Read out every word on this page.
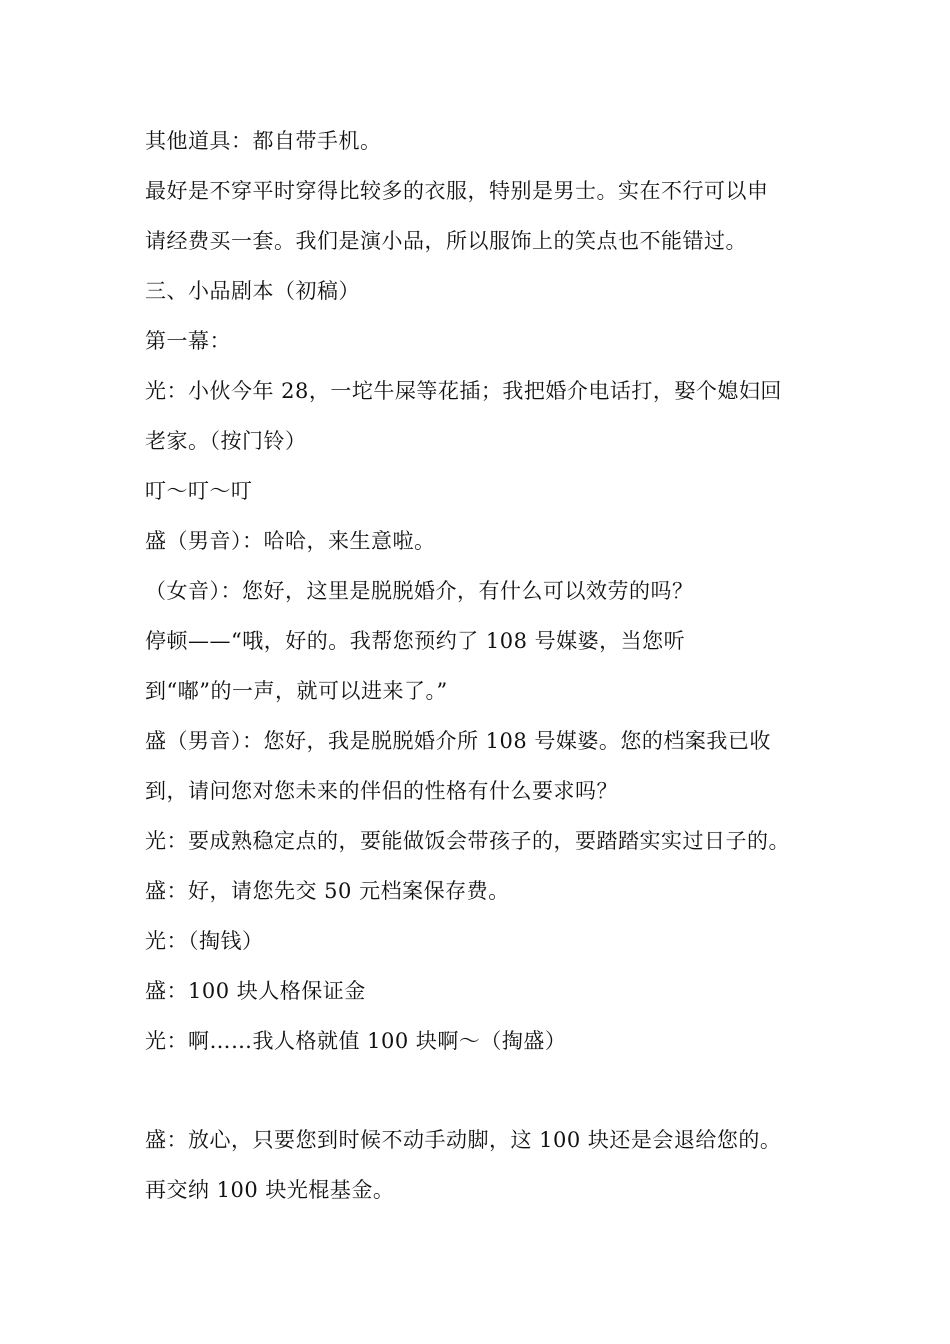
其他道具：都自带手机。

最好是不穿平时穿得比较多的衣服，特别是男士。实在不行可以申

请经费买一套。我们是演小品，所以服饰上的笑点也不能错过。

三、小品剧本（初稿）

第一幕：

光：小伙今年 28，一坨牛屎等花插；我把婚介电话打，娶个媳妇回

老家。（按门铃）

叮～叮～叮

盛（男音）：哈哈，来生意啦。

（女音）：您好，这里是脱脱婚介，有什么可以效劳的吗？

停顿——“哦，好的。我帮您预约了 108 号媒婆，当您听

到“嘟”的一声，就可以进来了。”

盛（男音）：您好，我是脱脱婚介所 108 号媒婆。您的档案我已收

到，请问您对您未来的伴侣的性格有什么要求吗？

光：要成熟稳定点的，要能做饭会带孩子的，要踏踏实实过日子的。

盛：好，请您先交 50 元档案保存费。

光：（掏钱）

盛：100 块人格保证金

光：啊……我人格就值 100 块啊～（掏盛）

盛：放心，只要您到时候不动手动脚，这 100 块还是会退给您的。

再交纳 100 块光棍基金。
